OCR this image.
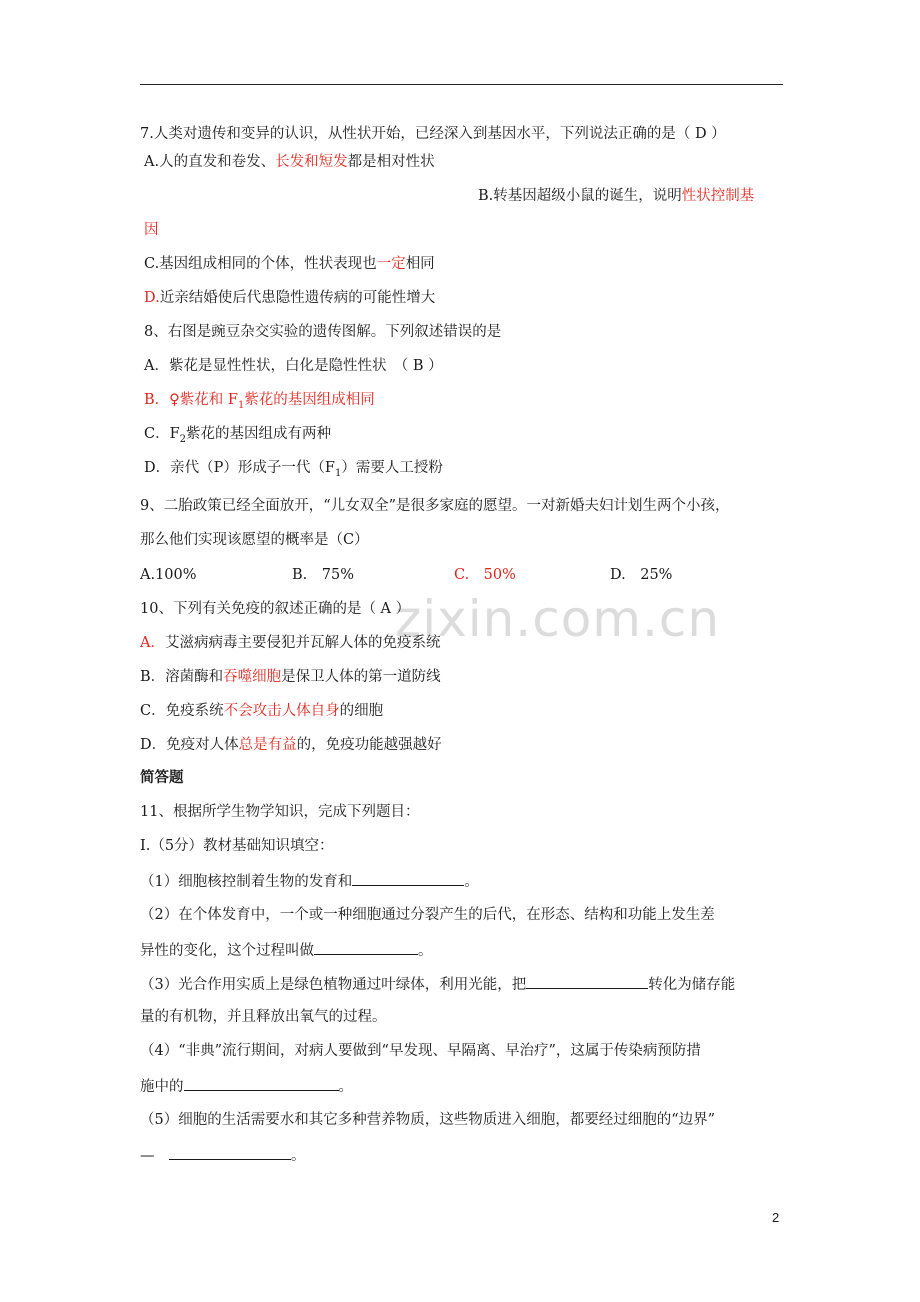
zixin.com.cn
7.人类对遗传和变异的认识，从性状开始，已经深入到基因水平，下列说法正确的是（ D ）
A.人的直发和卷发、长发和短发都是相对性状
B.转基因超级小鼠的诞生，说明性状控制基
因
C.基因组成相同的个体，性状表现也一定相同
D.近亲结婚使后代患隐性遗传病的可能性增大
8、右图是豌豆杂交实验的遗传图解。下列叙述错误的是
A．紫花是显性性状，白化是隐性性状　（ B ）
B．♀紫花和 $F_1$紫花的基因组成相同
C．$F_2$紫花的基因组成有两种
D．亲代（P）形成子一代$(F_1)$需要人工授粉
9、二胎政策已经全面放开，“儿女双全”是很多家庭的愿望。一对新婚夫妇计划生两个小孩，
那么他们实现该愿望的概率是（C）
A.100%	B.　75%	C.　50%	D.　25%
10、下列有关免疫的叙述正确的是（ A ）
A．艾滋病病毒主要侵犯并瓦解人体的免疫系统
B．溶菌酶和吞噬细胞是保卫人体的第一道防线
C．免疫系统不会攻击人体自身的细胞
D．免疫对人体总是有益的，免疫功能越强越好
简答题
11、根据所学生物学知识，完成下列题目：
Ⅰ.（5分）教材基础知识填空：
（1）细胞核控制着生物的发育和	。
（2）在个体发育中，一个或一种细胞通过分裂产生的后代，在形态、结构和功能上发生差
异性的变化，这个过程叫做	。
（3）光合作用实质上是绿色植物通过叶绿体，利用光能，把	转化为储存能
量的有机物，并且释放出氧气的过程。
（4）“非典”流行期间，对病人要做到“早发现、早隔离、早治疗”，这属于传染病预防措
施中的	。
（5）细胞的生活需要水和其它多种营养物质，这些物质进入细胞，都要经过细胞的“边界”
—　	。
2
